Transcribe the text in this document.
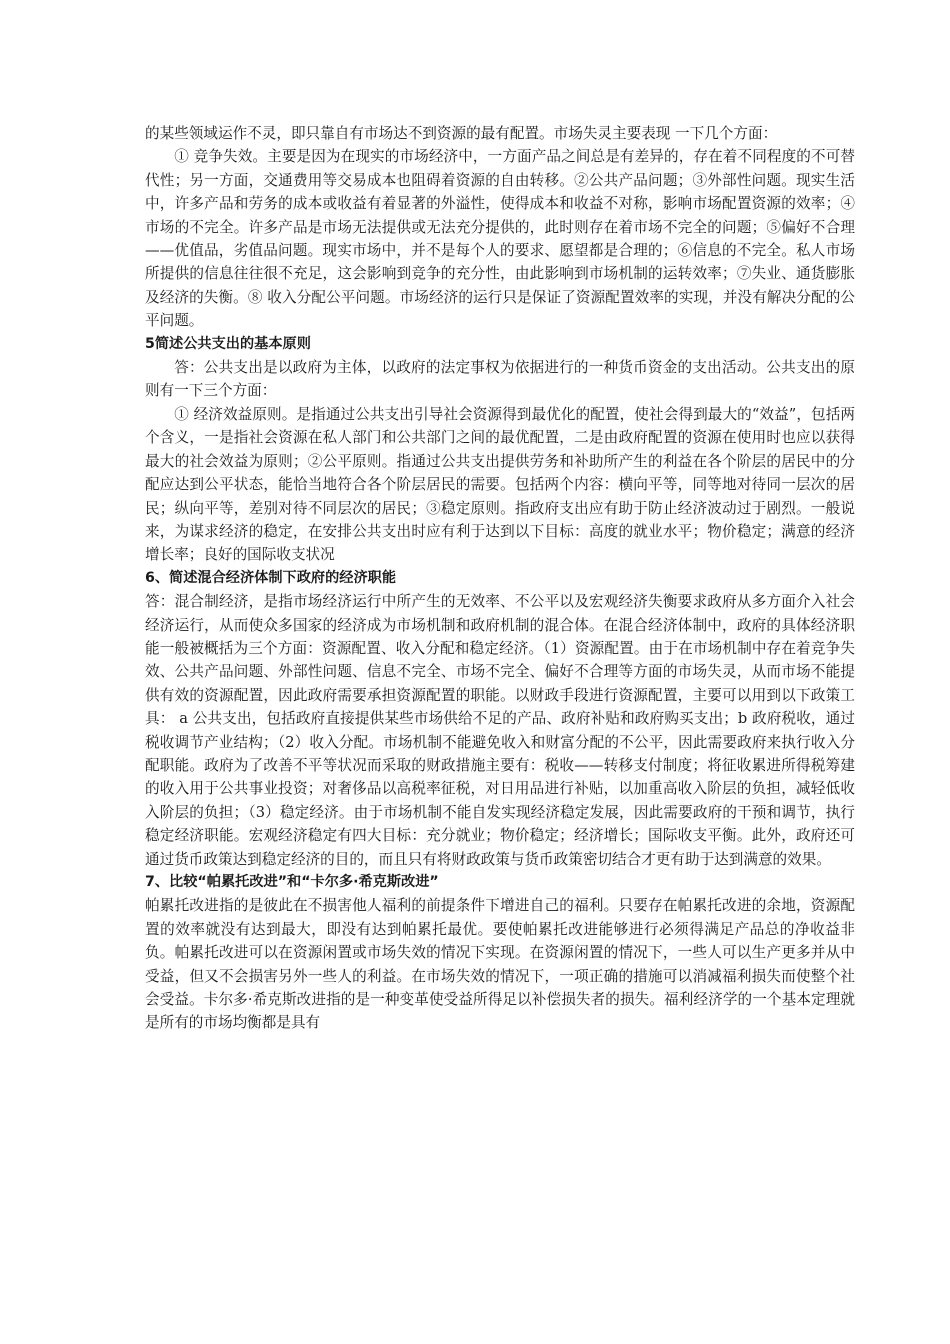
的某些领域运作不灵，即只靠自有市场达不到资源的最有配置。市场失灵主要表现 一下几个方面：

① 竞争失效。主要是因为在现实的市场经济中，一方面产品之间总是有差异的，存在着不同程度的不可替代性；另一方面，交通费用等交易成本也阻碍着资源的自由转移。②公共产品问题；③外部性问题。现实生活中，许多产品和劳务的成本或收益有着显著的外溢性，使得成本和收益不对称，影响市场配置资源的效率；④市场的不完全。许多产品是市场无法提供或无法充分提供的，此时则存在着市场不完全的问题；⑤偏好不合理——优值品，劣值品问题。现实市场中，并不是每个人的要求、愿望都是合理的；⑥信息的不完全。私人市场所提供的信息往往很不充足，这会影响到竞争的充分性，由此影响到市场机制的运转效率；⑦失业、通货膨胀及经济的失衡。⑧ 收入分配公平问题。市场经济的运行只是保证了资源配置效率的实现，并没有解决分配的公平问题。

5简述公共支出的基本原则

答：公共支出是以政府为主体，以政府的法定事权为依据进行的一种货币资金的支出活动。公共支出的原则有一下三个方面：

① 经济效益原则。是指通过公共支出引导社会资源得到最优化的配置，使社会得到最大的“效益”，包括两个含义，一是指社会资源在私人部门和公共部门之间的最优配置，二是由政府配置的资源在使用时也应以获得最大的社会效益为原则；②公平原则。指通过公共支出提供劳务和补助所产生的利益在各个阶层的居民中的分配应达到公平状态，能恰当地符合各个阶层居民的需要。包括两个内容：横向平等，同等地对待同一层次的居民；纵向平等，差别对待不同层次的居民；③稳定原则。指政府支出应有助于防止经济波动过于剧烈。一般说来，为谋求经济的稳定，在安排公共支出时应有利于达到以下目标：高度的就业水平；物价稳定；满意的经济增长率；良好的国际收支状况

6、简述混合经济体制下政府的经济职能

答：混合制经济，是指市场经济运行中所产生的无效率、不公平以及宏观经济失衡要求政府从多方面介入社会经济运行，从而使众多国家的经济成为市场机制和政府机制的混合体。在混合经济体制中，政府的具体经济职能一般被概括为三个方面：资源配置、收入分配和稳定经济。（1）资源配置。由于在市场机制中存在着竞争失效、公共产品问题、外部性问题、信息不完全、市场不完全、偏好不合理等方面的市场失灵，从而市场不能提供有效的资源配置，因此政府需要承担资源配置的职能。以财政手段进行资源配置，主要可以用到以下政策工具： a 公共支出，包括政府直接提供某些市场供给不足的产品、政府补贴和政府购买支出；b 政府税收，通过税收调节产业结构；（2）收入分配。市场机制不能避免收入和财富分配的不公平，因此需要政府来执行收入分配职能。政府为了改善不平等状况而采取的财政措施主要有：税收——转移支付制度；将征收累进所得税筹建的收入用于公共事业投资；对奢侈品以高税率征税，对日用品进行补贴，以加重高收入阶层的负担，减轻低收入阶层的负担；（3）稳定经济。由于市场机制不能自发实现经济稳定发展，因此需要政府的干预和调节，执行稳定经济职能。宏观经济稳定有四大目标：充分就业；物价稳定；经济增长；国际收支平衡。此外，政府还可通过货币政策达到稳定经济的目的，而且只有将财政政策与货币政策密切结合才更有助于达到满意的效果。

7、比较“帕累托改进”和“卡尔多·希克斯改进”

帕累托改进指的是彼此在不损害他人福利的前提条件下增进自己的福利。只要存在帕累托改进的余地，资源配置的效率就没有达到最大，即没有达到帕累托最优。要使帕累托改进能够进行必须得满足产品总的净收益非负。帕累托改进可以在资源闲置或市场失效的情况下实现。在资源闲置的情况下，一些人可以生产更多并从中受益，但又不会损害另外一些人的利益。在市场失效的情况下，一项正确的措施可以消减福利损失而使整个社会受益。卡尔多·希克斯改进指的是一种变革使受益所得足以补偿损失者的损失。福利经济学的一个基本定理就是所有的市场均衡都是具有
